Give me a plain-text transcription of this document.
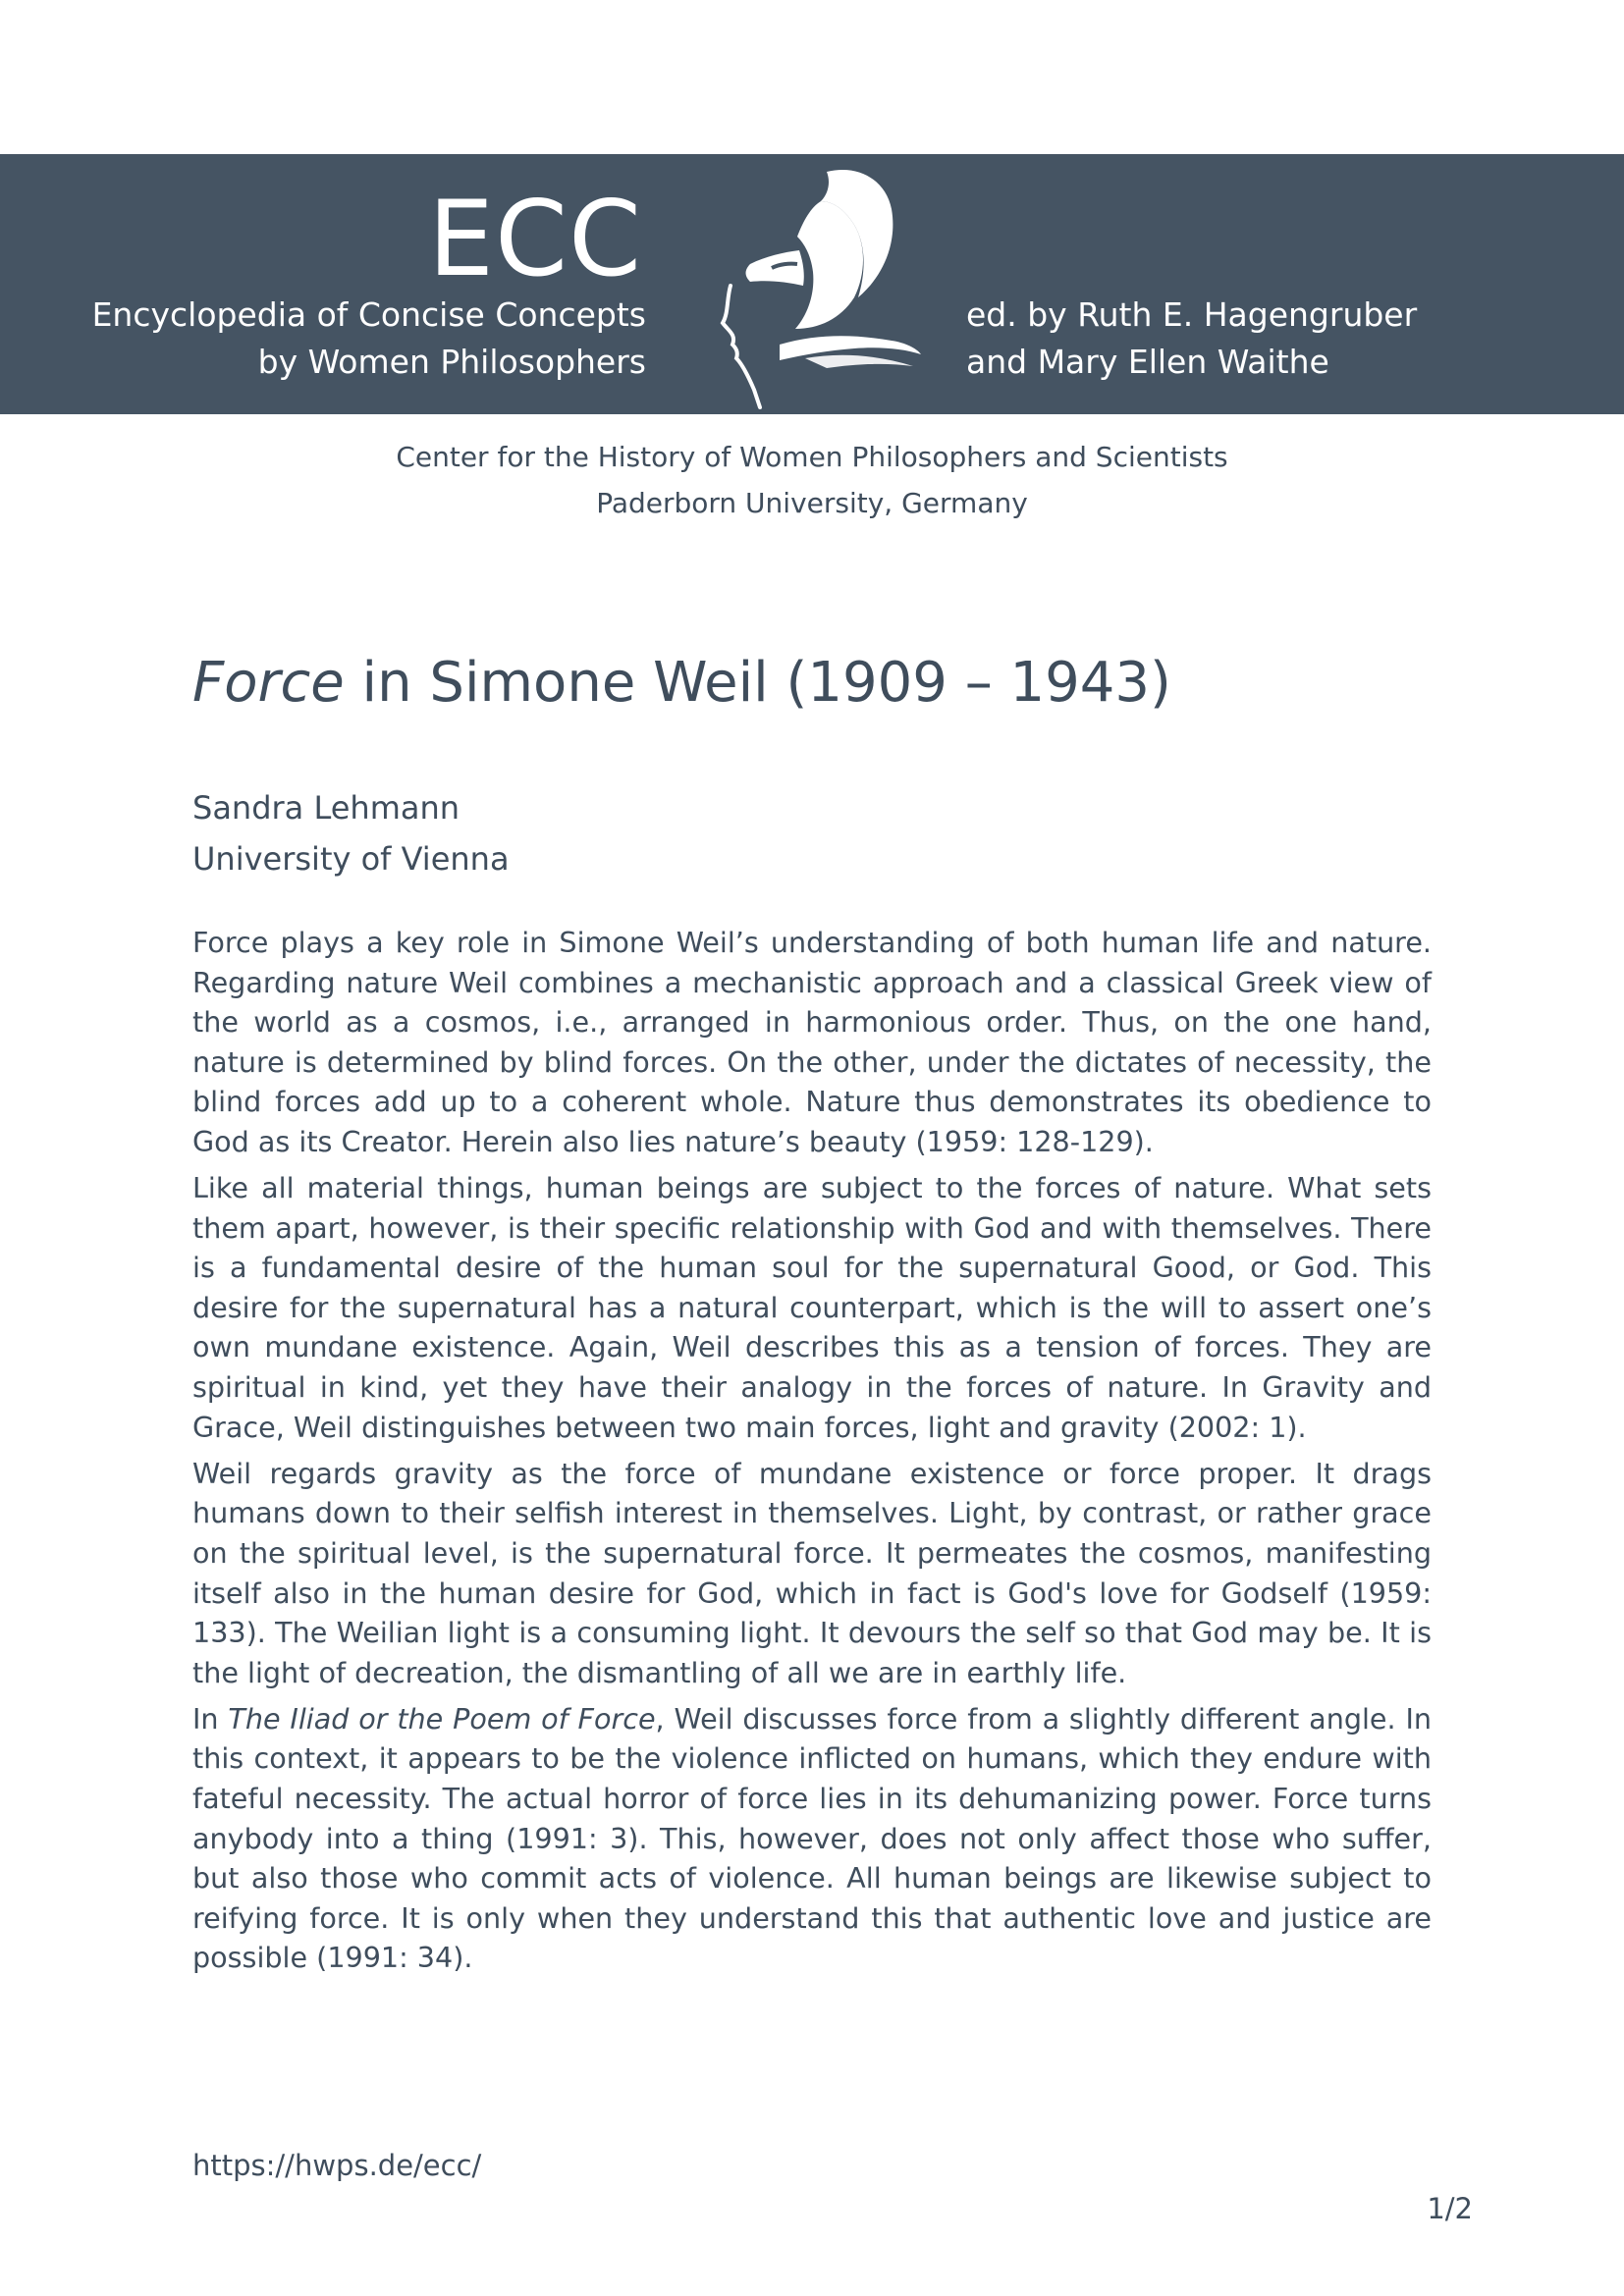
ECC
Encyclopedia of Concise Concepts
by Women Philosophers
ed. by Ruth E. Hagengruber
and Mary Ellen Waithe
Center for the History of Women Philosophers and Scientists
Paderborn University, Germany
Force in Simone Weil (1909 – 1943)
Sandra Lehmann
University of Vienna

Force plays a key role in Simone Weil’s understanding of both human life and nature. Regarding nature Weil combines a mechanistic approach and a classical Greek view of the world as a cosmos, i.e., arranged in harmonious order. Thus, on the one hand, nature is determined by blind forces. On the other, under the dictates of necessity, the blind forces add up to a coherent whole. Nature thus demonstrates its obedience to God as its Creator. Herein also lies nature’s beauty (1959: 128-129).

Like all material things, human beings are subject to the forces of nature. What sets them apart, however, is their specific relationship with God and with themselves. There is a fundamental desire of the human soul for the supernatural Good, or God. This desire for the supernatural has a natural counterpart, which is the will to assert one’s own mundane existence. Again, Weil describes this as a tension of forces. They are spiritual in kind, yet they have their analogy in the forces of nature. In Gravity and Grace, Weil distinguishes between two main forces, light and gravity (2002: 1).

Weil regards gravity as the force of mundane existence or force proper. It drags humans down to their selfish interest in themselves. Light, by contrast, or rather grace on the spiritual level, is the supernatural force. It permeates the cosmos, manifesting itself also in the human desire for God, which in fact is God's love for Godself (1959: 133). The Weilian light is a consuming light. It devours the self so that God may be. It is the light of decreation, the dismantling of all we are in earthly life.

In The Iliad or the Poem of Force, Weil discusses force from a slightly different angle. In this context, it appears to be the violence inflicted on humans, which they endure with fateful necessity. The actual horror of force lies in its dehumanizing power. Force turns anybody into a thing (1991: 3). This, however, does not only affect those who suffer, but also those who commit acts of violence. All human beings are likewise subject to reifying force. It is only when they understand this that authentic love and justice are possible (1991: 34).

https://hwps.de/ecc/
1/2
